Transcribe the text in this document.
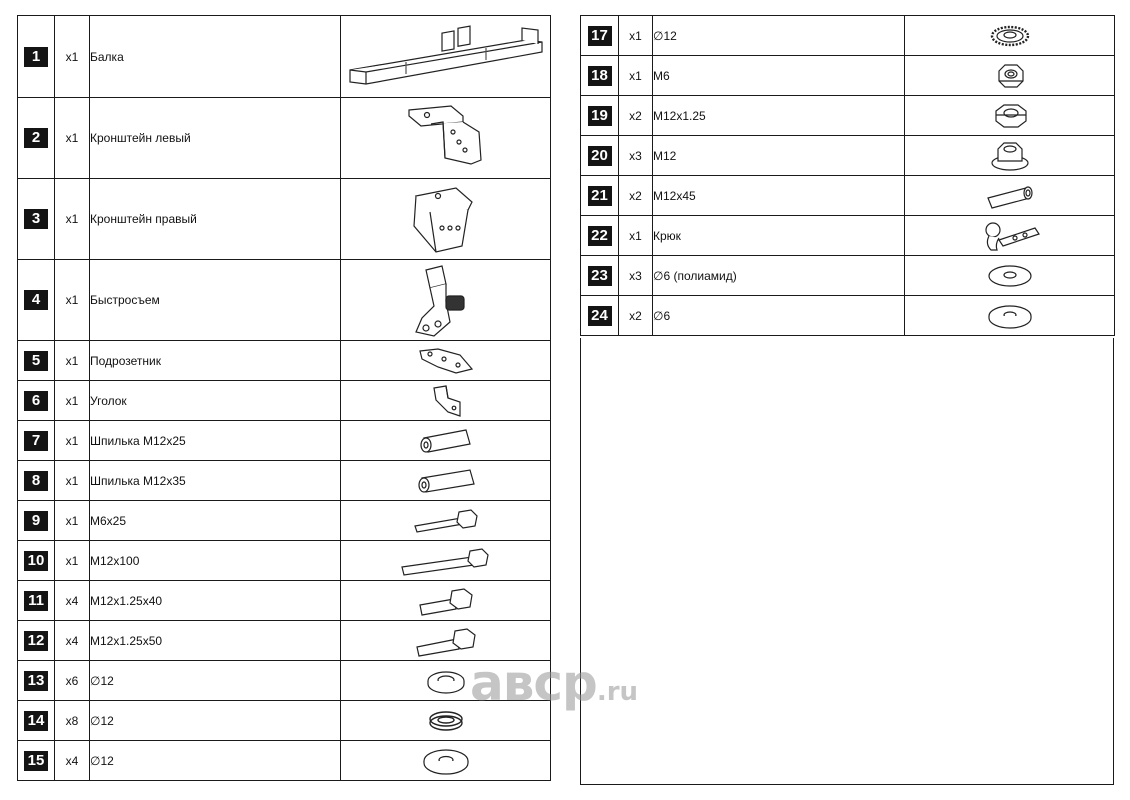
1	x1	Балка	

2	x1	Кронштейн левый	

3	x1	Кронштейн правый	

4	x1	Быстросъем	

5	x1	Подрозетник	

6	x1	Уголок	

7	x1	Шпилька М12х25	

8	x1	Шпилька М12х35	

9	x1	М6х25	

10	x1	М12х100	

11	x4	М12х1.25х40	

12	x4	М12х1.25х50	

13	x6	∅12	

14	x8	∅12	

15	x4	∅12	
17	x1	∅12	

18	x1	М6	

19	x2	М12х1.25	

20	x3	М12	

21	x2	М12х45	

22	x1	Крюк	

23	x3	∅6 (полиамид)	

24	x2	∅6	
авср .ru
